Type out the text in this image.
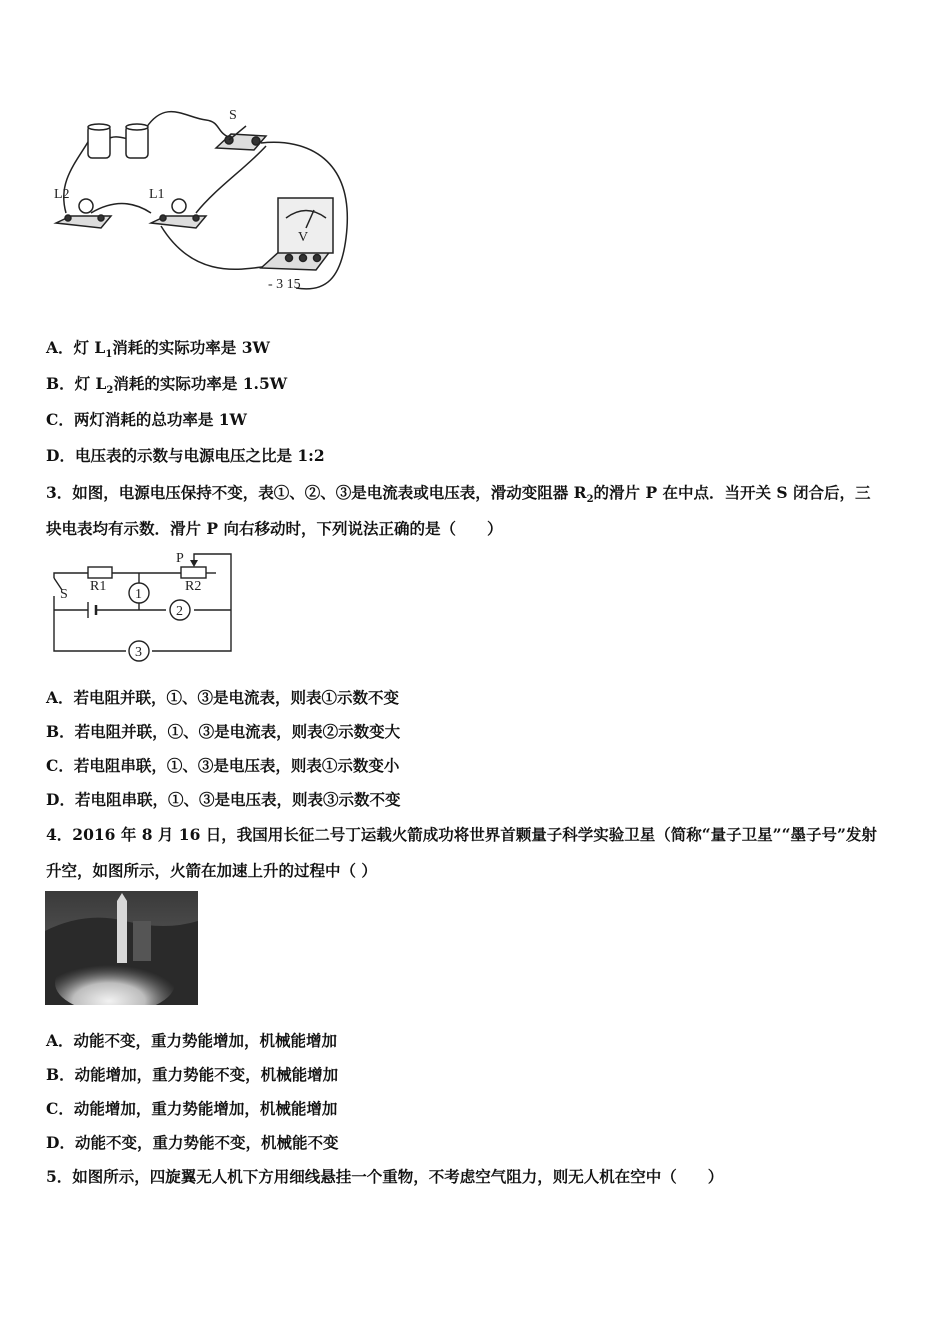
S
L2	L1
V
- 3 15
A．灯 $L_1$消耗的实际功率是 3W
B．灯 $L_2$消耗的实际功率是 1.5W
C．两灯消耗的总功率是 1W
D．电压表的示数与电源电压之比是 1:2
3．如图，电源电压保持不变，表①、②、③是电流表或电压表，滑动变阻器 $R_2$的滑片 P 在中点．当开关 S 闭合后，三
块电表均有示数．滑片 P 向右移动时，下列说法正确的是（　　）
P
S
R1	R2
1
2
3
A．若电阻并联，①、③是电流表，则表①示数不变
B．若电阻并联，①、③是电流表，则表②示数变大
C．若电阻串联，①、③是电压表，则表①示数变小
D．若电阻串联，①、③是电压表，则表③示数不变
4．2016 年 8 月 16 日，我国用长征二号丁运载火箭成功将世界首颗量子科学实验卫星（简称“量子卫星”“墨子号”发射
升空，如图所示，火箭在加速上升的过程中（ ）
A．动能不变，重力势能增加，机械能增加
B．动能增加，重力势能不变，机械能增加
C．动能增加，重力势能增加，机械能增加
D．动能不变，重力势能不变，机械能不变
5．如图所示，四旋翼无人机下方用细线悬挂一个重物，不考虑空气阻力，则无人机在空中（　　）
